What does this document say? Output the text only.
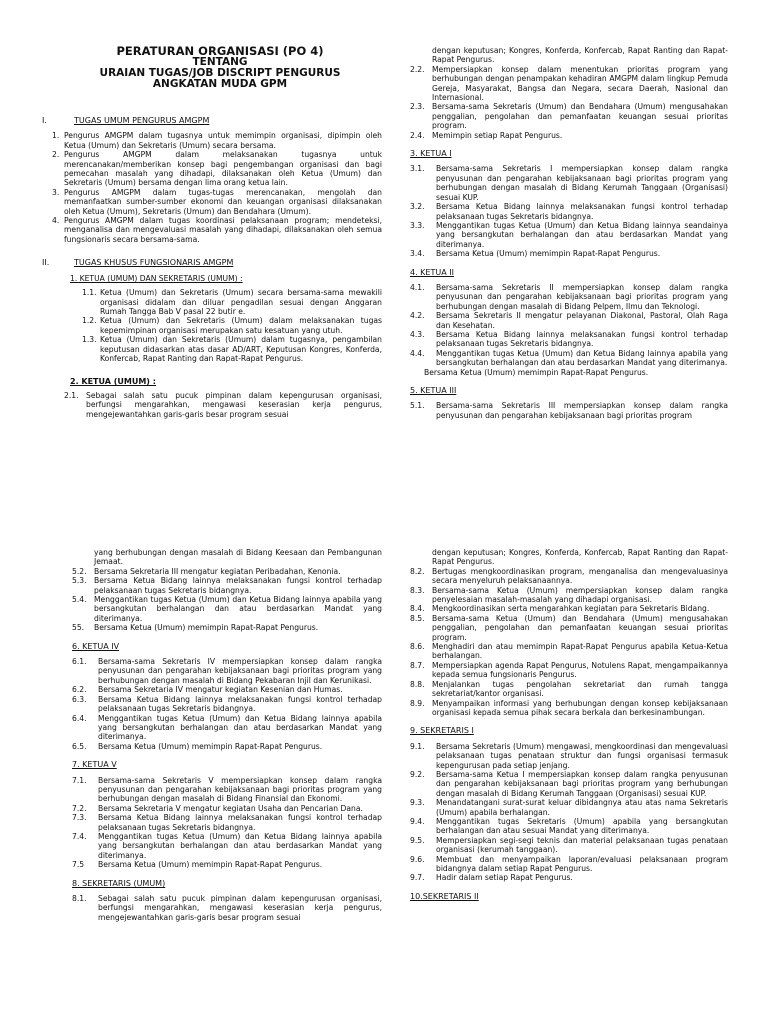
PERATURAN ORGANISASI (PO 4)
TENTANG
URAIAN TUGAS/JOB DISCRIPT PENGURUS
ANGKATAN MUDA GPM
I.	TUGAS UMUM PENGURUS AMGPM
1. Pengurus AMGPM dalam tugasnya untuk memimpin organisasi, dipimpin oleh Ketua (Umum) dan Sekretaris (Umum) secara bersama.
2. Pengurus AMGPM dalam melaksanakan tugasnya untuk merencanakan/memberikan konsep bagi pengembangan organisasi dan bagi pemecahan masalah yang dihadapi, dilaksanakan oleh Ketua (Umum) dan Sekretaris (Umum) bersama dengan lima orang ketua lain.
3. Pengurus AMGPM dalam tugas-tugas merencanakan, mengolah dan memanfaatkan sumber-sumber ekonomi dan keuangan organisasi dilaksanakan oleh Ketua (Umum), Sekretaris (Umum) dan Bendahara (Umum).
4. Pengurus AMGPM dalam tugas koordinasi pelaksanaan program; mendeteksi, menganalisa dan mengevaluasi masalah yang dihadapi, dilaksanakan oleh semua fungsionaris secara bersama-sama.
II.	TUGAS KHUSUS FUNGSIONARIS AMGPM
1. KETUA (UMUM) DAN SEKRETARIS (UMUM) :
1.1. Ketua (Umum) dan Sekretaris (Umum) secara bersama-sama mewakili organisasi didalam dan diluar pengadilan sesuai dengan Anggaran Rumah Tangga Bab V pasal 22 butir e.
1.2. Ketua (Umum) dan Sekretaris (Umum) dalam melaksanakan tugas kepemimpinan organisasi merupakan satu kesatuan yang utuh.
1.3. Ketua (Umum) dan Sekretaris (Umum) dalam tugasnya, pengambilan keputusan didasarkan atas dasar AD/ART, Keputusan Kongres, Konferda, Konfercab, Rapat Ranting dan Rapat-Rapat Pengurus.
2. KETUA (UMUM) :
2.1. Sebagai salah satu pucuk pimpinan dalam kepengurusan organisasi, berfungsi mengarahkan, mengawasi keserasian kerja pengurus, mengejewantahkan garis-garis besar program sesuai
dengan keputusan; Kongres, Konferda, Konfercab, Rapat Ranting dan Rapat-Rapat Pengurus.
2.2. Mempersiapkan konsep dalam menentukan prioritas program yang berhubungan dengan penampakan kehadiran AMGPM dalam lingkup Pemuda Gereja, Masyarakat, Bangsa dan Negara, secara Daerah, Nasional dan Internasional.
2.3. Bersama-sama Sekretaris (Umum) dan Bendahara (Umum) mengusahakan penggalian, pengolahan dan pemanfaatan keuangan sesuai prioritas program.
2.4. Memimpin setiap Rapat Pengurus.
3. KETUA I
3.1.	Bersama-sama Sekretaris I mempersiapkan konsep dalam rangka penyusunan dan pengarahan kebijaksanaan bagi prioritas program yang berhubungan dengan masalah di Bidang Kerumah Tanggaan (Organisasi) sesuai KUP.
3.2.	Bersama Ketua Bidang lainnya melaksanakan fungsi kontrol terhadap pelaksanaan tugas Sekretaris bidangnya.
3.3.	Menggantikan tugas Ketua (Umum) dan Ketua Bidang lainnya seandainya yang bersangkutan berhalangan dan atau berdasarkan Mandat yang diterimanya.
3.4.	Bersama Ketua (Umum) memimpin Rapat-Rapat Pengurus.
4. KETUA II
4.1.	Bersama-sama Sekretaris II mempersiapkan konsep dalam rangka penyusunan dan pengarahan kebijaksanaan bagi prioritas program yang berhubungan dengan masalah di Bidang Pelpem, Ilmu dan Teknologi.
4.2.	Bersama Sekretaris II mengatur pelayanan Diakonal, Pastoral, Olah Raga dan Kesehatan.
4.3.	Bersama Ketua Bidang lainnya melaksanakan fungsi kontrol terhadap pelaksanaan tugas Sekretaris bidangnya.
4.4.	Menggantikan tugas Ketua (Umum) dan Ketua Bidang lainnya apabila yang bersangkutan berhalangan dan atau berdasarkan Mandat yang diterimanya.
Bersama Ketua (Umum) memimpin Rapat-Rapat Pengurus.
5. KETUA III
5.1.	Bersama-sama Sekretaris III mempersiapkan konsep dalam rangka penyusunan dan pengarahan kebijaksanaan bagi prioritas program
yang berhubungan dengan masalah di Bidang Keesaan dan Pembangunan Jemaat.
5.2. Bersama Sekretaria III mengatur kegiatan Peribadahan, Kenonia.
5.3. Bersama Ketua Bidang lainnya melaksanakan fungsi kontrol terhadap pelaksanaan tugas Sekretaris bidangnya.
5.4. Menggantikan tugas Ketua (Umum) dan Ketua Bidang lainnya apabila yang bersangkutan berhalangan dan atau berdasarkan Mandat yang diterimanya.
55.	Bersama Ketua (Umum) memimpin Rapat-Rapat Pengurus.
6. KETUA IV
6.1.	Bersama-sama Sekretaris IV mempersiapkan konsep dalam rangka penyusunan dan pengarahan kebijaksanaan bagi prioritas program yang berhubungan dengan masalah di Bidang Pekabaran Injil dan Kerunikasi.
6.2.	Bersama Sekretaria IV mengatur kegiatan Kesenian dan Humas.
6.3.	Bersama Ketua Bidang lainnya melaksanakan fungsi kontrol terhadap pelaksanaan tugas Sekretaris bidangnya.
6.4.	Menggantikan tugas Ketua (Umum) dan Ketua Bidang lainnya apabila yang bersangkutan berhalangan dan atau berdasarkan Mandat yang diterimanya.
6.5.	Bersama Ketua (Umum) memimpin Rapat-Rapat Pengurus.
7. KETUA V
7.1.	Bersama-sama Sekretaris V mempersiapkan konsep dalam rangka penyusunan dan pengarahan kebijaksanaan bagi prioritas program yang berhubungan dengan masalah di Bidang Finansial dan Ekonomi.
7.2.	Bersama Sekretaria V mengatur kegiatan Usaha dan Pencarian Dana.
7.3.	Bersama Ketua Bidang lainnya melaksanakan fungsi kontrol terhadap pelaksanaan tugas Sekretaris bidangnya.
7.4.	Menggantikan tugas Ketua (Umum) dan Ketua Bidang lainnya apabila yang bersangkutan berhalangan dan atau berdasarkan Mandat yang diterimanya.
7.5	Bersama Ketua (Umum) memimpin Rapat-Rapat Pengurus.
8. SEKRETARIS (UMUM)
8.1.	Sebagai salah satu pucuk pimpinan dalam kepengurusan organisasi, berfungsi mengarahkan, mengawasi keserasian kerja pengurus, mengejewantahkan garis-garis besar program sesuai
dengan keputusan; Kongres, Konferda, Konfercab, Rapat Ranting dan Rapat-Rapat Pengurus.
8.2. Bertugas mengkoordinasikan program, menganalisa dan mengevaluasinya secara menyeluruh pelaksanaannya.
8.3. Bersama-sama Ketua (Umum) mempersiapkan konsep dalam rangka penyelesaian masalah-masalah yang dihadapi organisasi.
8.4. Mengkoordinasikan serta mengarahkan kegiatan para Sekretaris Bidang.
8.5. Bersama-sama Ketua (Umum) dan Bendahara (Umum) mengusahakan penggalian, pengolahan dan pemanfaatan keuangan sesuai prioritas program.
8.6. Menghadiri dan atau memimpin Rapat-Rapat Pengurus apabila Ketua-Ketua berhalangan.
8.7. Mempersiapkan agenda Rapat Pengurus, Notulens Rapat, mengampaikannya kepada semua fungsionaris Pengurus.
8.8. Menjalankan tugas pengolahan sekretariat dan rumah tangga sekretariat/kantor organisasi.
8.9. Menyampaikan informasi yang berhubungan dengan konsep kebijaksanaan organisasi kepada semua pihak secara berkala dan berkesinambungan.
9. SEKRETARIS I
9.1.	Bersama Sekretaris (Umum) mengawasi, mengkoordinasi dan mengevaluasi pelaksanaan tugas penataan struktur dan fungsi organisasi termasuk kepengurusan pada setiap jenjang.
9.2.	Bersama-sama Ketua I mempersiapkan konsep dalam rangka penyusunan dan pengarahan kebijaksanaan bagi prioritas program yang berhubungan dengan masalah di Bidang Kerumah Tanggaan (Organisasi) sesuai KUP.
9.3.	Menandatangani surat-surat keluar dibidangnya atau atas nama Sekretaris (Umum) apabila berhalangan.
9.4.	Menggantikan tugas Sekretaris (Umum) apabila yang bersangkutan berhalangan dan atau sesuai Mandat yang diterimanya.
9.5.	Mempersiapkan segi-segi teknis dan material pelaksanaan tugas penataan organisasi (kerumah tanggaan).
9.6.	Membuat dan menyampaikan laporan/evaluasi pelaksanaan program bidangnya dalam setiap Rapat Pengurus.
9.7.	Hadir dalam setiap Rapat Pengurus.
10.SEKRETARIS II
